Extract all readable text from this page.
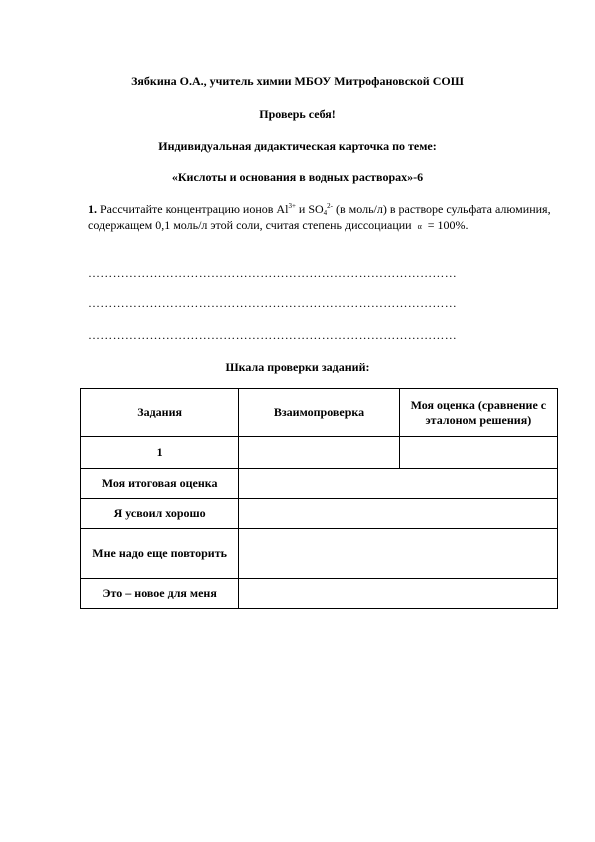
Зябкина О.А., учитель химии МБОУ Митрофановской СОШ
Проверь себя!
Индивидуальная дидактическая карточка по теме:
«Кислоты и основания в водных растворах»-6
1. Рассчитайте концентрацию ионов $Al^{3+}$ и $SO_4^{2-}$ (в моль/л) в растворе сульфата алюминия, содержащем 0,1 моль/л этой соли, считая степень диссоциации α = 100%.
………………………………………………………………………………
………………………………………………………………………………
………………………………………………………………………………
Шкала проверки заданий:
Задания	Взаимопроверка	Моя оценка (сравнение с эталоном решения)
1		
Моя итоговая оценка		
Я усвоил хорошо		
Мне надо еще повторить		
Это – новое для меня		
